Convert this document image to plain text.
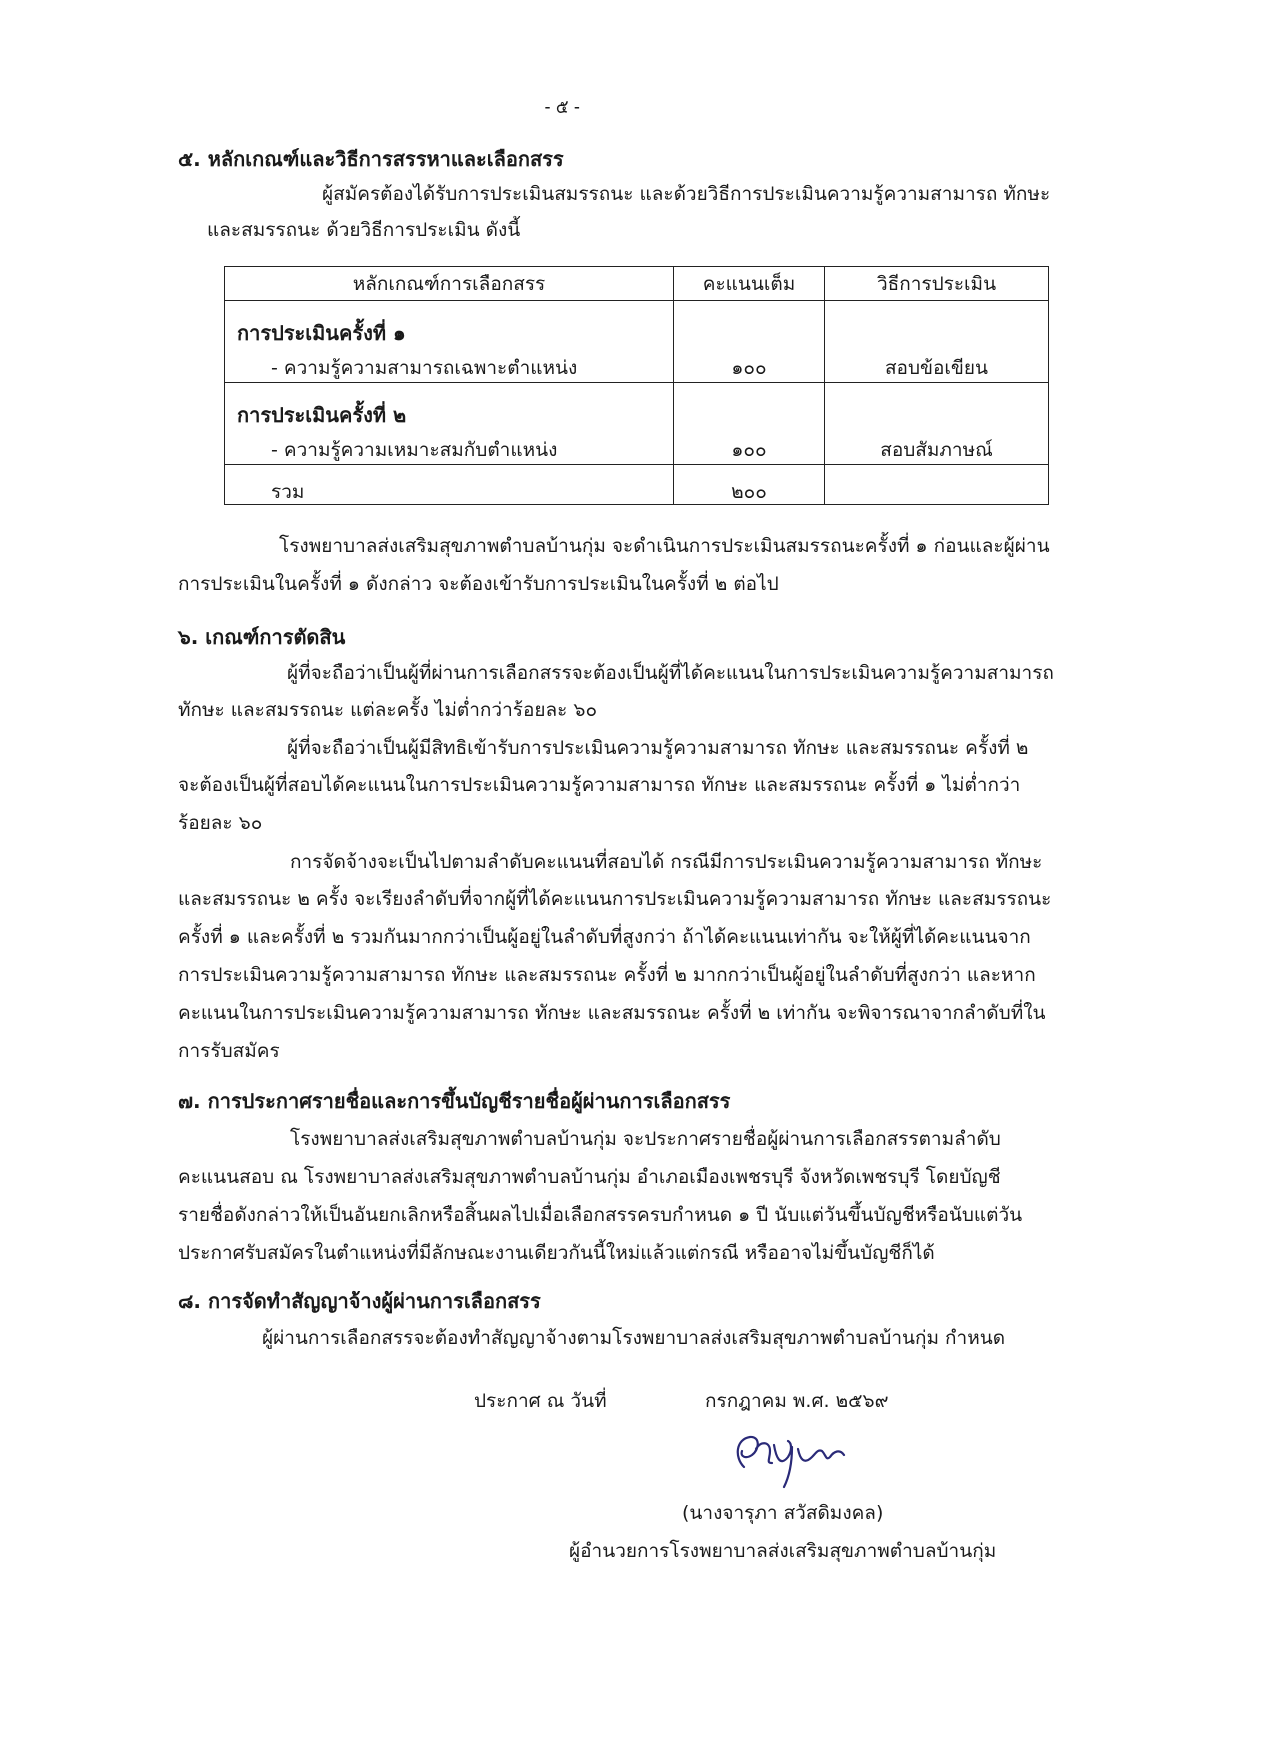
- ๕ -
๕. หลักเกณฑ์และวิธีการสรรหาและเลือกสรร
ผู้สมัครต้องได้รับการประเมินสมรรถนะ และด้วยวิธีการประเมินความรู้ความสามารถ ทักษะ
และสมรรถนะ ด้วยวิธีการประเมิน ดังนี้
หลักเกณฑ์การเลือกสรร	คะแนนเต็ม	วิธีการประเมิน

การประเมินครั้งที่ ๑
- ความรู้ความสามารถเฉพาะตำแหน่ง	๑๐๐	สอบข้อเขียน

การประเมินครั้งที่ ๒
- ความรู้ความเหมาะสมกับตำแหน่ง	๑๐๐	สอบสัมภาษณ์

รวม	๒๐๐	

โรงพยาบาลส่งเสริมสุขภาพตำบลบ้านกุ่ม จะดำเนินการประเมินสมรรถนะครั้งที่ ๑ ก่อนและผู้ผ่าน
การประเมินในครั้งที่ ๑ ดังกล่าว จะต้องเข้ารับการประเมินในครั้งที่ ๒ ต่อไป
๖. เกณฑ์การตัดสิน
ผู้ที่จะถือว่าเป็นผู้ที่ผ่านการเลือกสรรจะต้องเป็นผู้ที่ได้คะแนนในการประเมินความรู้ความสามารถ
ทักษะ และสมรรถนะ แต่ละครั้ง ไม่ต่ำกว่าร้อยละ ๖๐
ผู้ที่จะถือว่าเป็นผู้มีสิทธิเข้ารับการประเมินความรู้ความสามารถ ทักษะ และสมรรถนะ ครั้งที่ ๒
จะต้องเป็นผู้ที่สอบได้คะแนนในการประเมินความรู้ความสามารถ ทักษะ และสมรรถนะ ครั้งที่ ๑ ไม่ต่ำกว่า
ร้อยละ ๖๐
การจัดจ้างจะเป็นไปตามลำดับคะแนนที่สอบได้ กรณีมีการประเมินความรู้ความสามารถ ทักษะ
และสมรรถนะ ๒ ครั้ง จะเรียงลำดับที่จากผู้ที่ได้คะแนนการประเมินความรู้ความสามารถ ทักษะ และสมรรถนะ
ครั้งที่ ๑ และครั้งที่ ๒ รวมกันมากกว่าเป็นผู้อยู่ในลำดับที่สูงกว่า ถ้าได้คะแนนเท่ากัน จะให้ผู้ที่ได้คะแนนจาก
การประเมินความรู้ความสามารถ ทักษะ และสมรรถนะ ครั้งที่ ๒ มากกว่าเป็นผู้อยู่ในลำดับที่สูงกว่า และหาก
คะแนนในการประเมินความรู้ความสามารถ ทักษะ และสมรรถนะ ครั้งที่ ๒ เท่ากัน จะพิจารณาจากลำดับที่ใน
การรับสมัคร
๗. การประกาศรายชื่อและการขึ้นบัญชีรายชื่อผู้ผ่านการเลือกสรร
โรงพยาบาลส่งเสริมสุขภาพตำบลบ้านกุ่ม จะประกาศรายชื่อผู้ผ่านการเลือกสรรตามลำดับ
คะแนนสอบ ณ โรงพยาบาลส่งเสริมสุขภาพตำบลบ้านกุ่ม อำเภอเมืองเพชรบุรี จังหวัดเพชรบุรี โดยบัญชี
รายชื่อดังกล่าวให้เป็นอันยกเลิกหรือสิ้นผลไปเมื่อเลือกสรรครบกำหนด ๑ ปี นับแต่วันขึ้นบัญชีหรือนับแต่วัน
ประกาศรับสมัครในตำแหน่งที่มีลักษณะงานเดียวกันนี้ใหม่แล้วแต่กรณี หรืออาจไม่ขึ้นบัญชีก็ได้
๘. การจัดทำสัญญาจ้างผู้ผ่านการเลือกสรร
ผู้ผ่านการเลือกสรรจะต้องทำสัญญาจ้างตามโรงพยาบาลส่งเสริมสุขภาพตำบลบ้านกุ่ม กำหนด
ประกาศ ณ วันที่	กรกฎาคม พ.ศ. ๒๕๖๙
(นางจารุภา สวัสดิมงคล)
ผู้อำนวยการโรงพยาบาลส่งเสริมสุขภาพตำบลบ้านกุ่ม
